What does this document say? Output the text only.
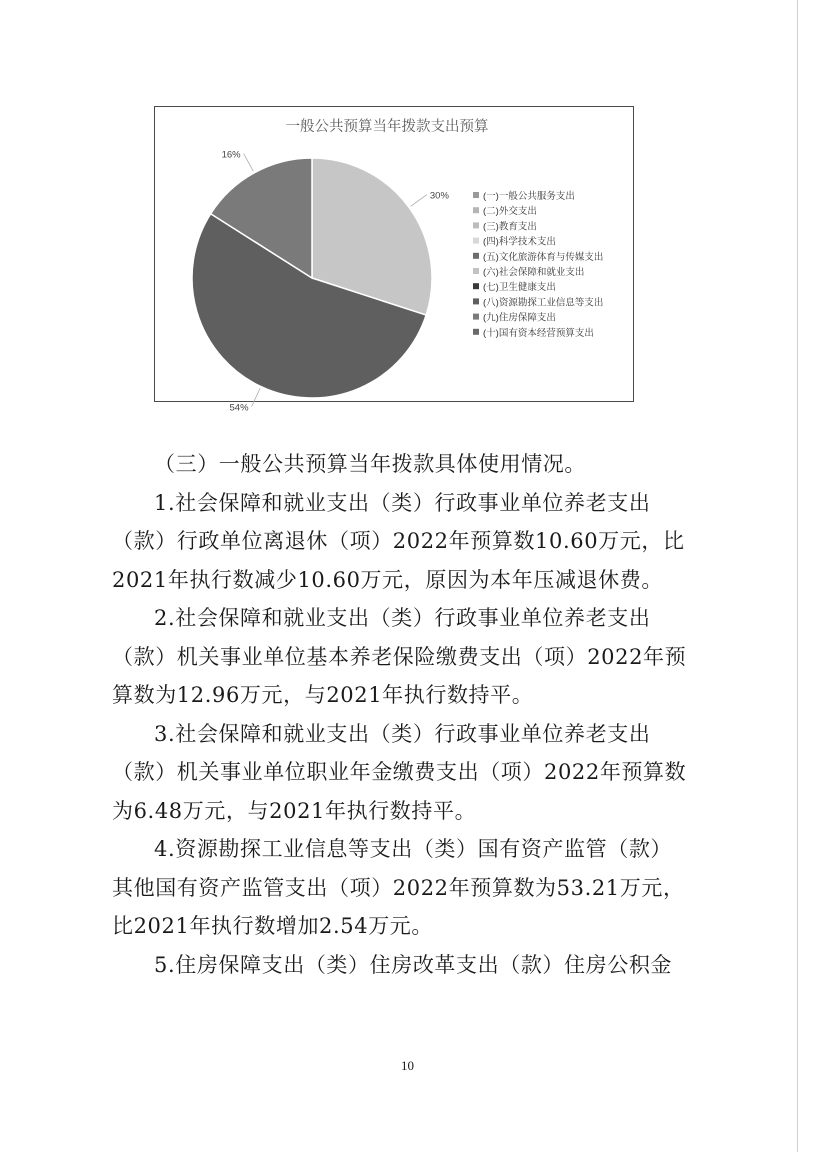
一般公共预算当年拨款支出预算
30%
54%
16%
(一)一般公共服务支出
(二)外交支出
(三)教育支出
(四)科学技术支出
(五)文化旅游体育与传媒支出
(六)社会保障和就业支出
(七)卫生健康支出
(八)资源勘探工业信息等支出
(九)住房保障支出
(十)国有资本经营预算支出
（三）一般公共预算当年拨款具体使用情况。
1.社会保障和就业支出（类）行政事业单位养老支出
（款）行政单位离退休（项）2022年预算数10.60万元，比
2021年执行数减少10.60万元，原因为本年压减退休费。
2.社会保障和就业支出（类）行政事业单位养老支出
（款）机关事业单位基本养老保险缴费支出（项）2022年预
算数为12.96万元，与2021年执行数持平。
3.社会保障和就业支出（类）行政事业单位养老支出
（款）机关事业单位职业年金缴费支出（项）2022年预算数
为6.48万元，与2021年执行数持平。
4.资源勘探工业信息等支出（类）国有资产监管（款）
其他国有资产监管支出（项）2022年预算数为53.21万元，
比2021年执行数增加2.54万元。
5.住房保障支出（类）住房改革支出（款）住房公积金
10
